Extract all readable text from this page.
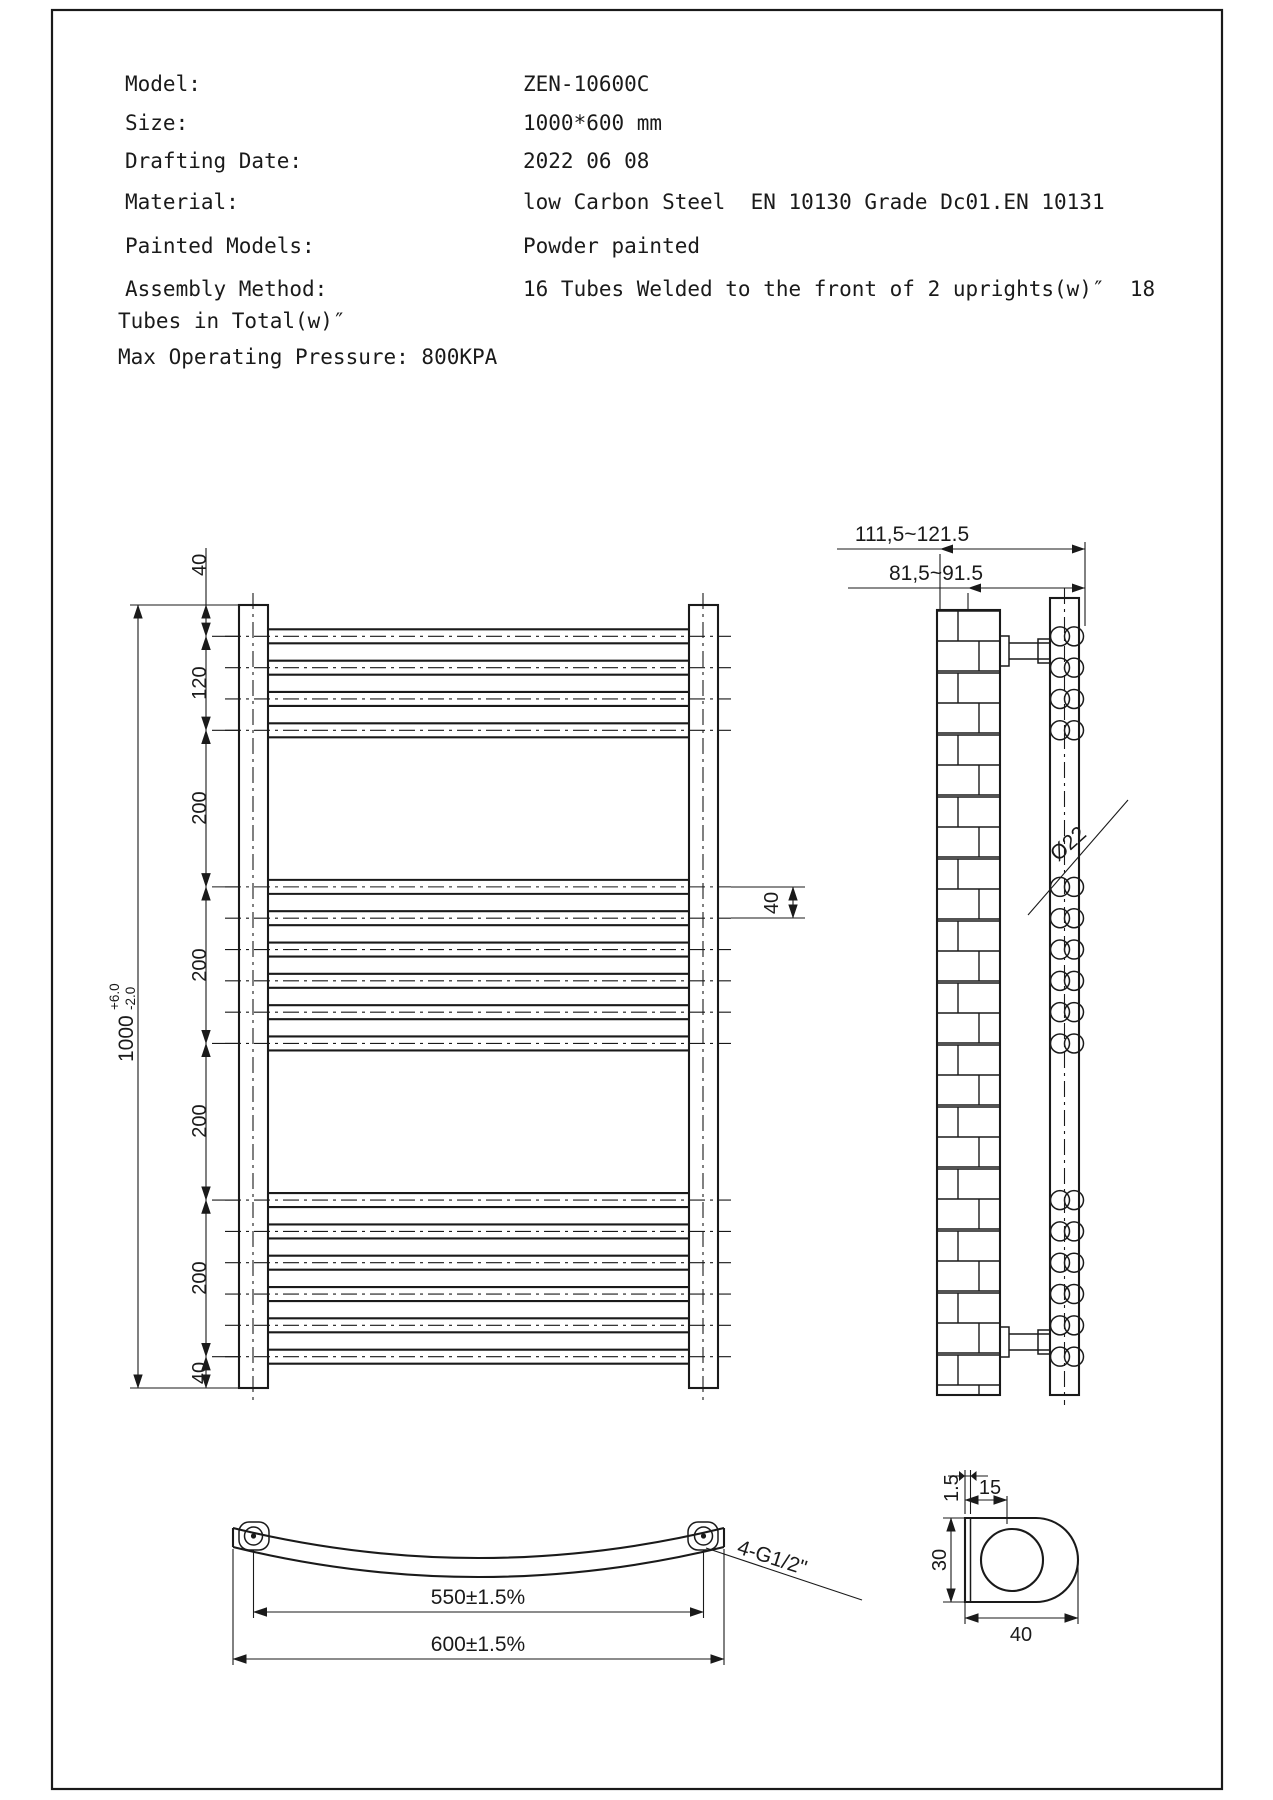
Model:	ZEN-10600C
Size:	1000*600 mm
Drafting Date:	2022 06 08
Material:	low Carbon Steel  EN 10130 Grade Dc01.EN 10131
Painted Models:	Powder painted
Assembly Method:	16 Tubes Welded to the front of 2 uprights(w)″  18
Tubes in Total(w)″
Max Operating Pressure: 800KPA
1000
+6.0 -2.0
40
120
200
200
200
200
40
40
111,5~121.5
81,5~91.5
Ø22
4-G1/2"
550±1.5%
600±1.5%
1.5 15
30
40
